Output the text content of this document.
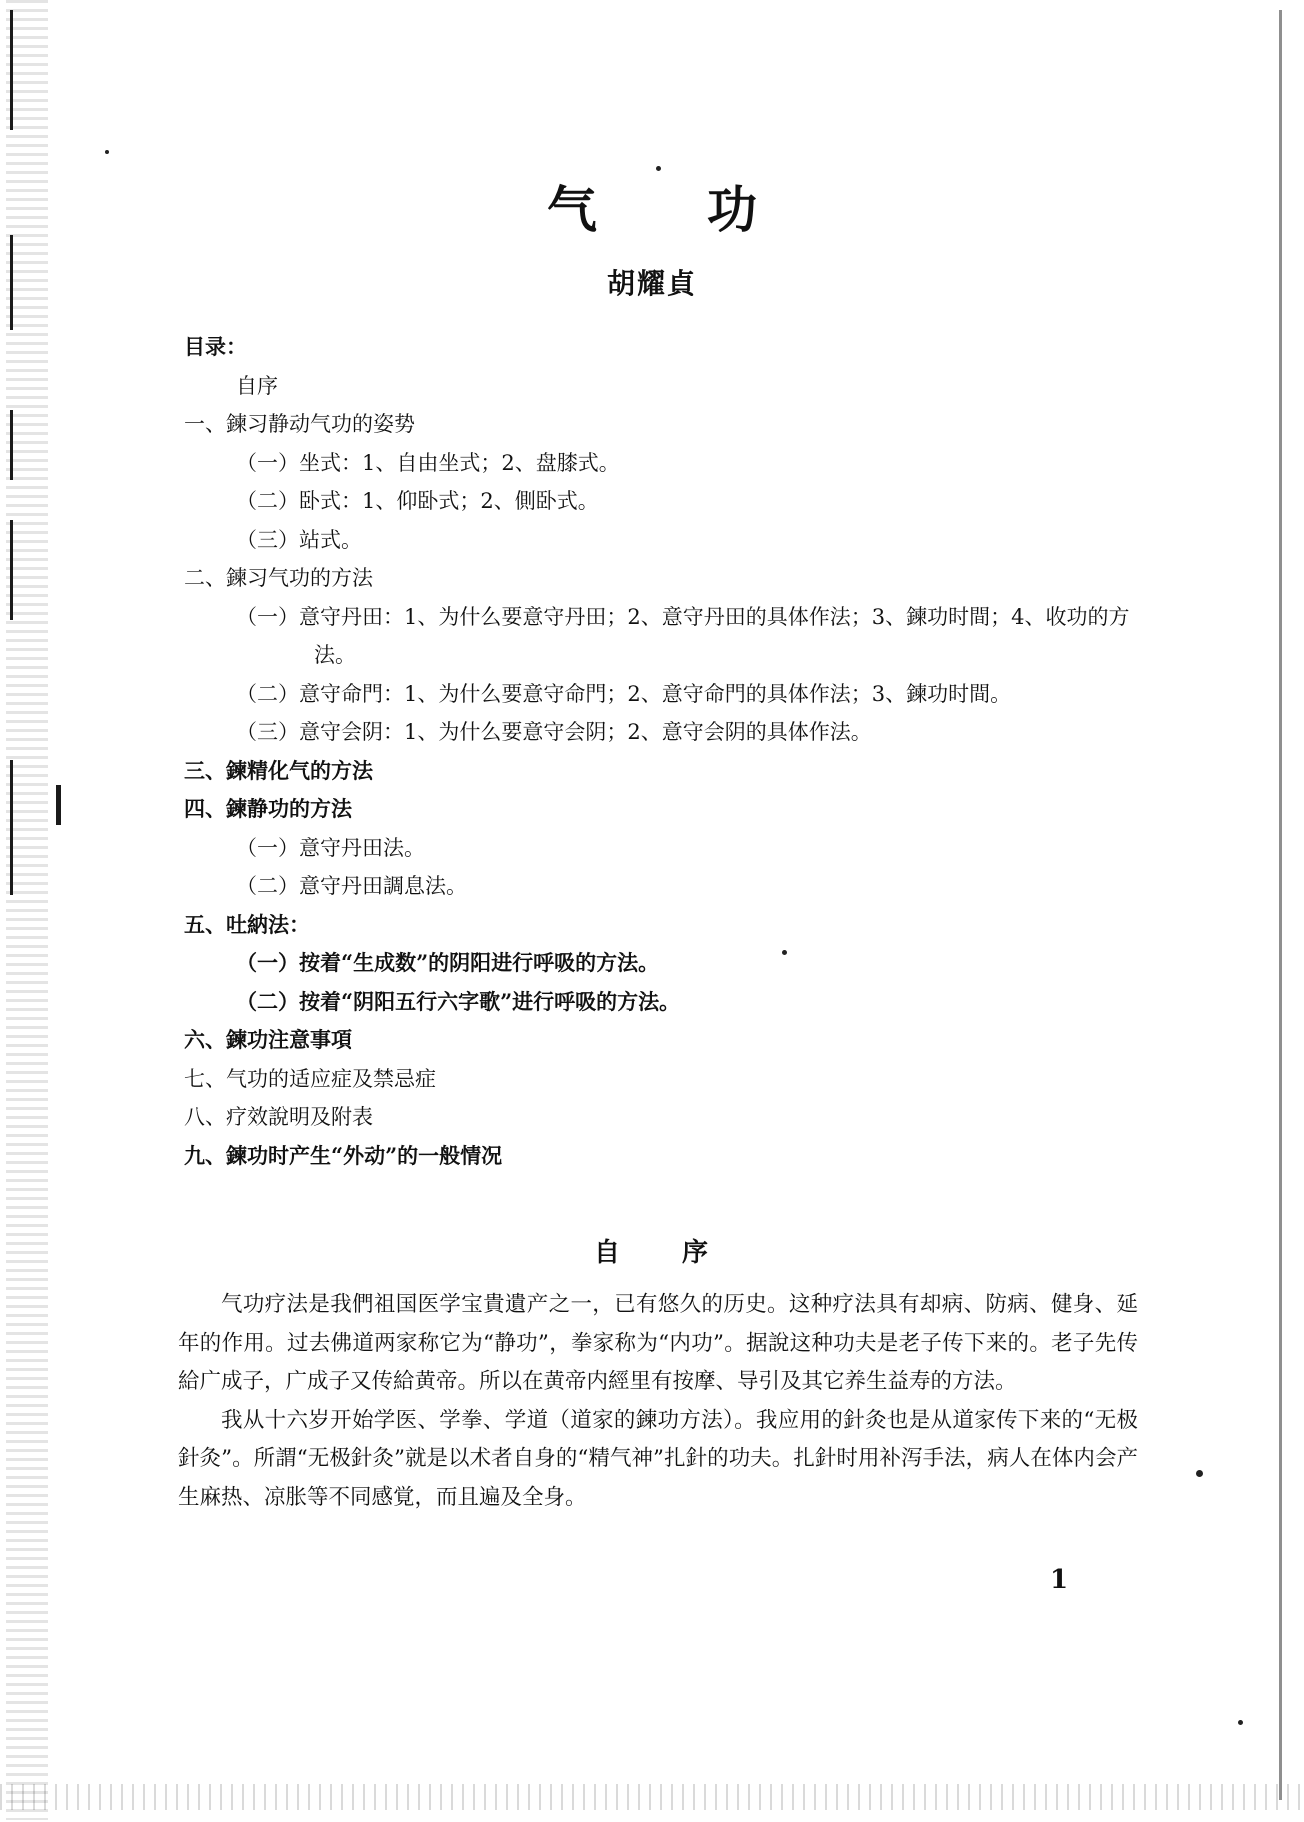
气 功
胡耀貞
目录：
自序
一、鍊习静动气功的姿势
（一）坐式：1、自由坐式；2、盘膝式。
（二）卧式：1、仰卧式；2、側卧式。
（三）站式。
二、鍊习气功的方法
（一）意守丹田：1、为什么要意守丹田；2、意守丹田的具体作法；3、鍊功时間；4、收功的方法。
（二）意守命門：1、为什么要意守命門；2、意守命門的具体作法；3、鍊功时間。
（三）意守会阴：1、为什么要意守会阴；2、意守会阴的具体作法。
三、鍊精化气的方法
四、鍊静功的方法
（一）意守丹田法。
（二）意守丹田調息法。
五、吐納法：
（一）按着“生成数”的阴阳进行呼吸的方法。
（二）按着“阴阳五行六字歌”进行呼吸的方法。
六、鍊功注意事項
七、气功的适应症及禁忌症
八、疗效說明及附表
九、鍊功时产生“外动”的一般情况
自 序

气功疗法是我們祖国医学宝貴遺产之一，已有悠久的历史。这种疗法具有却病、防病、健身、延年的作用。过去佛道两家称它为“静功”，拳家称为“内功”。据說这种功夫是老子传下来的。老子先传給广成子，广成子又传給黄帝。所以在黄帝内經里有按摩、导引及其它养生益寿的方法。

我从十六岁开始学医、学拳、学道（道家的鍊功方法）。我应用的針灸也是从道家传下来的“无极針灸”。所謂“无极針灸”就是以术者自身的“精气神”扎針的功夫。扎針时用补泻手法，病人在体内会产生麻热、凉胀等不同感覚，而且遍及全身。

1
